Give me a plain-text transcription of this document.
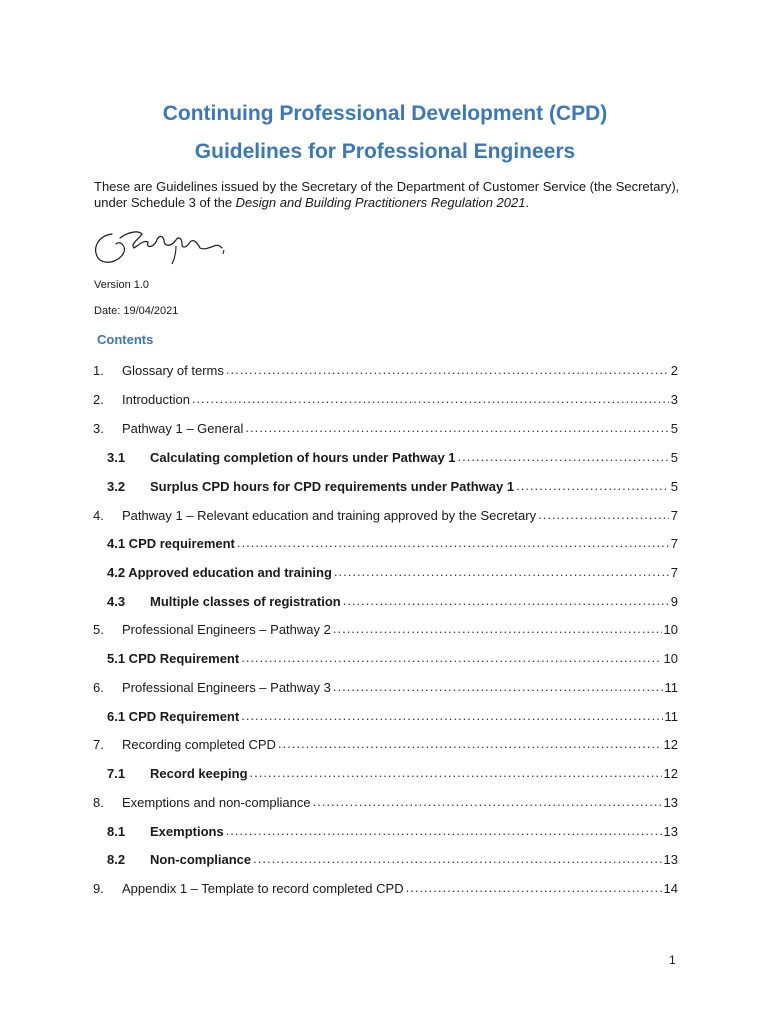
Continuing Professional Development (CPD)
Guidelines for Professional Engineers
These are Guidelines issued by the Secretary of the Department of Customer Service (the Secretary), under Schedule 3 of the Design and Building Practitioners Regulation 2021.
Version 1.0
Date: 19/04/2021
Contents
1.	Glossary of terms .....	2
2.	Introduction .....	3
3.	Pathway 1 – General .....	5
3.1	Calculating completion of hours under Pathway 1 .....	5
3.2	Surplus CPD hours for CPD requirements under Pathway 1 .....	5
4.	Pathway 1 – Relevant education and training approved by the Secretary .....	7
4.1 CPD requirement .....	7
4.2 Approved education and training .....	7
4.3	Multiple classes of registration .....	9
5.	Professional Engineers – Pathway 2 .....	10
5.1 CPD Requirement .....	10
6.	Professional Engineers – Pathway 3 .....	11
6.1 CPD Requirement .....	11
7.	Recording completed CPD .....	12
7.1	Record keeping .....	12
8.	Exemptions and non-compliance .....	13
8.1	Exemptions .....	13
8.2	Non-compliance .....	13
9.	Appendix 1 – Template to record completed CPD .....	14
1
